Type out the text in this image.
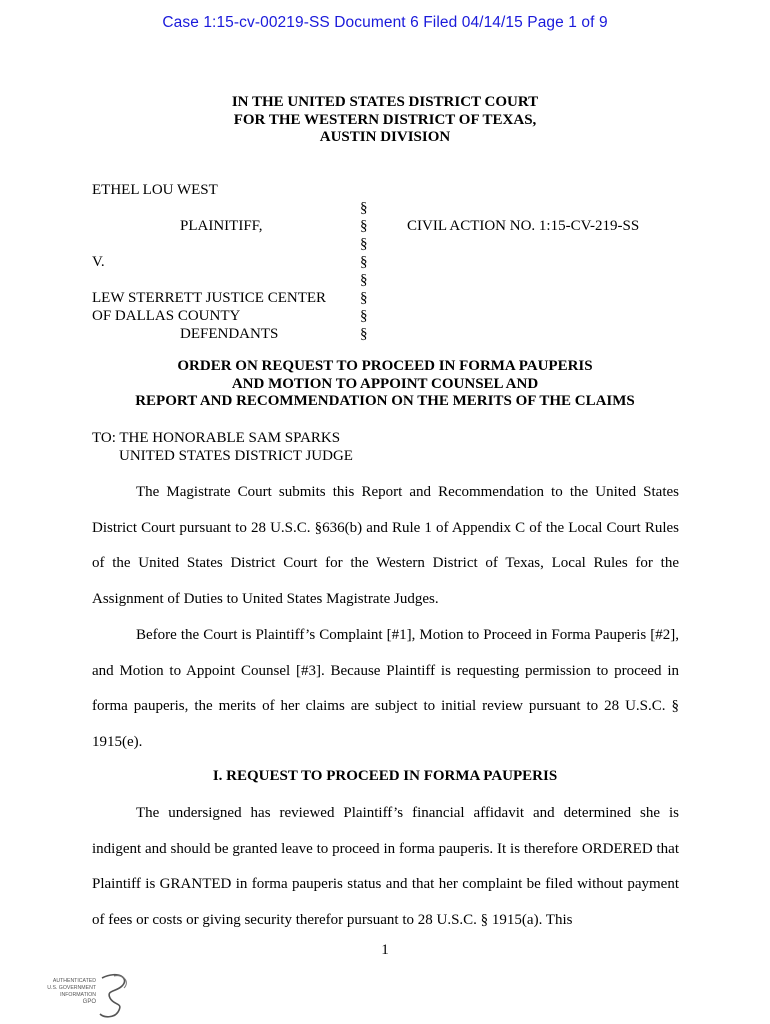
Case 1:15-cv-00219-SS Document 6 Filed 04/14/15 Page 1 of 9
IN THE UNITED STATES DISTRICT COURT
FOR THE WESTERN DISTRICT OF TEXAS,
AUSTIN DIVISION
ETHEL LOU WEST
PLAINITIFF,
V.
LEW STERRETT JUSTICE CENTER
OF DALLAS COUNTY
DEFENDANTS
CIVIL ACTION NO. 1:15-CV-219-SS
§
§
§
§
§
§
§
§
ORDER ON REQUEST TO PROCEED IN FORMA PAUPERIS
AND MOTION TO APPOINT COUNSEL AND
REPORT AND RECOMMENDATION ON THE MERITS OF THE CLAIMS
TO: THE HONORABLE SAM SPARKS
UNITED STATES DISTRICT JUDGE
The Magistrate Court submits this Report and Recommendation to the United States District Court pursuant to 28 U.S.C. §636(b) and Rule 1 of Appendix C of the Local Court Rules of the United States District Court for the Western District of Texas, Local Rules for the Assignment of Duties to United States Magistrate Judges.
Before the Court is Plaintiff’s Complaint [#1], Motion to Proceed in Forma Pauperis [#2], and Motion to Appoint Counsel [#3]. Because Plaintiff is requesting permission to proceed in forma pauperis, the merits of her claims are subject to initial review pursuant to 28 U.S.C. § 1915(e).
I. REQUEST TO PROCEED IN FORMA PAUPERIS
The undersigned has reviewed Plaintiff’s financial affidavit and determined she is indigent and should be granted leave to proceed in forma pauperis. It is therefore ORDERED that Plaintiff is GRANTED in forma pauperis status and that her complaint be filed without payment of fees or costs or giving security therefor pursuant to 28 U.S.C. § 1915(a). This
1
AUTHENTICATED
U.S. GOVERNMENT
INFORMATION
GPO
